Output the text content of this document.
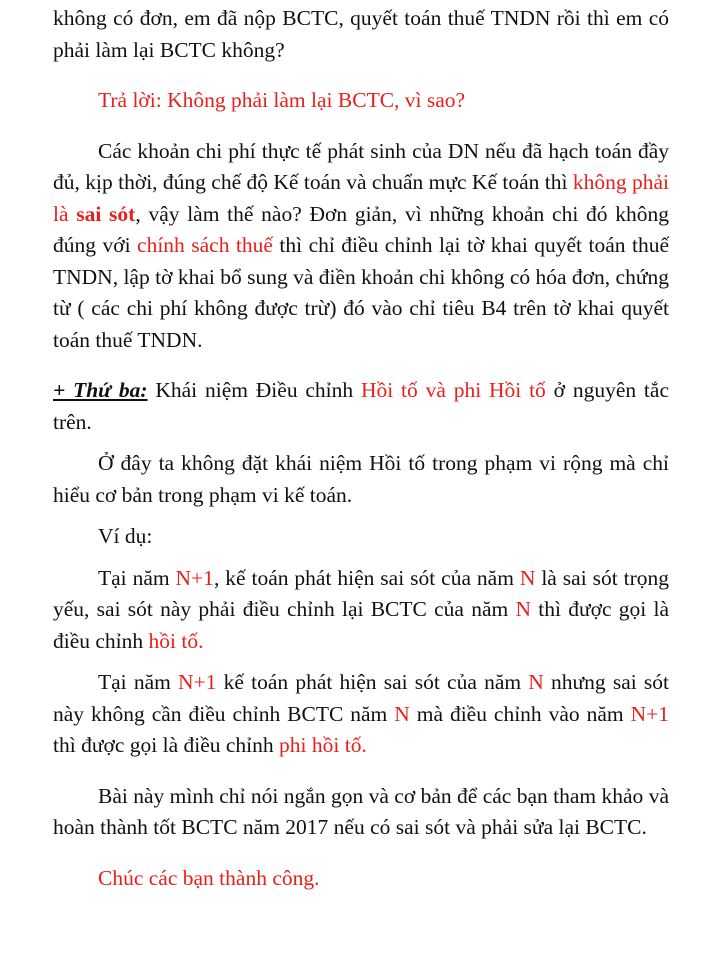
không có đơn, em đã nộp BCTC, quyết toán thuế TNDN rồi thì em có phải làm lại BCTC không?

Trả lời: Không phải làm lại BCTC, vì sao?

Các khoản chi phí thực tế phát sinh của DN nếu đã hạch toán đầy đủ, kịp thời, đúng chế độ Kế toán và chuẩn mực Kế toán thì không phải là sai sót, vậy làm thế nào? Đơn giản, vì những khoản chi đó không đúng với chính sách thuế thì chỉ điều chỉnh lại tờ khai quyết toán thuế TNDN, lập tờ khai bổ sung và điền khoản chi không có hóa đơn, chứng từ ( các chi phí không được trừ) đó vào chỉ tiêu B4 trên tờ khai quyết toán thuế TNDN.

+ Thứ ba: Khái niệm Điều chỉnh Hồi tố và phi Hồi tố ở nguyên tắc trên.

Ở đây ta không đặt khái niệm Hồi tố trong phạm vi rộng mà chỉ hiểu cơ bản trong phạm vi kế toán.

Ví dụ:

Tại năm N+1, kế toán phát hiện sai sót của năm N là sai sót trọng yếu, sai sót này phải điều chỉnh lại BCTC của năm N thì được gọi là điều chỉnh hồi tố.

Tại năm N+1 kế toán phát hiện sai sót của năm N nhưng sai sót này không cần điều chỉnh BCTC năm N mà điều chỉnh vào năm N+1 thì được gọi là điều chỉnh phi hồi tố.

Bài này mình chỉ nói ngắn gọn và cơ bản để các bạn tham khảo và hoàn thành tốt BCTC năm 2017 nếu có sai sót và phải sửa lại BCTC.

Chúc các bạn thành công.
